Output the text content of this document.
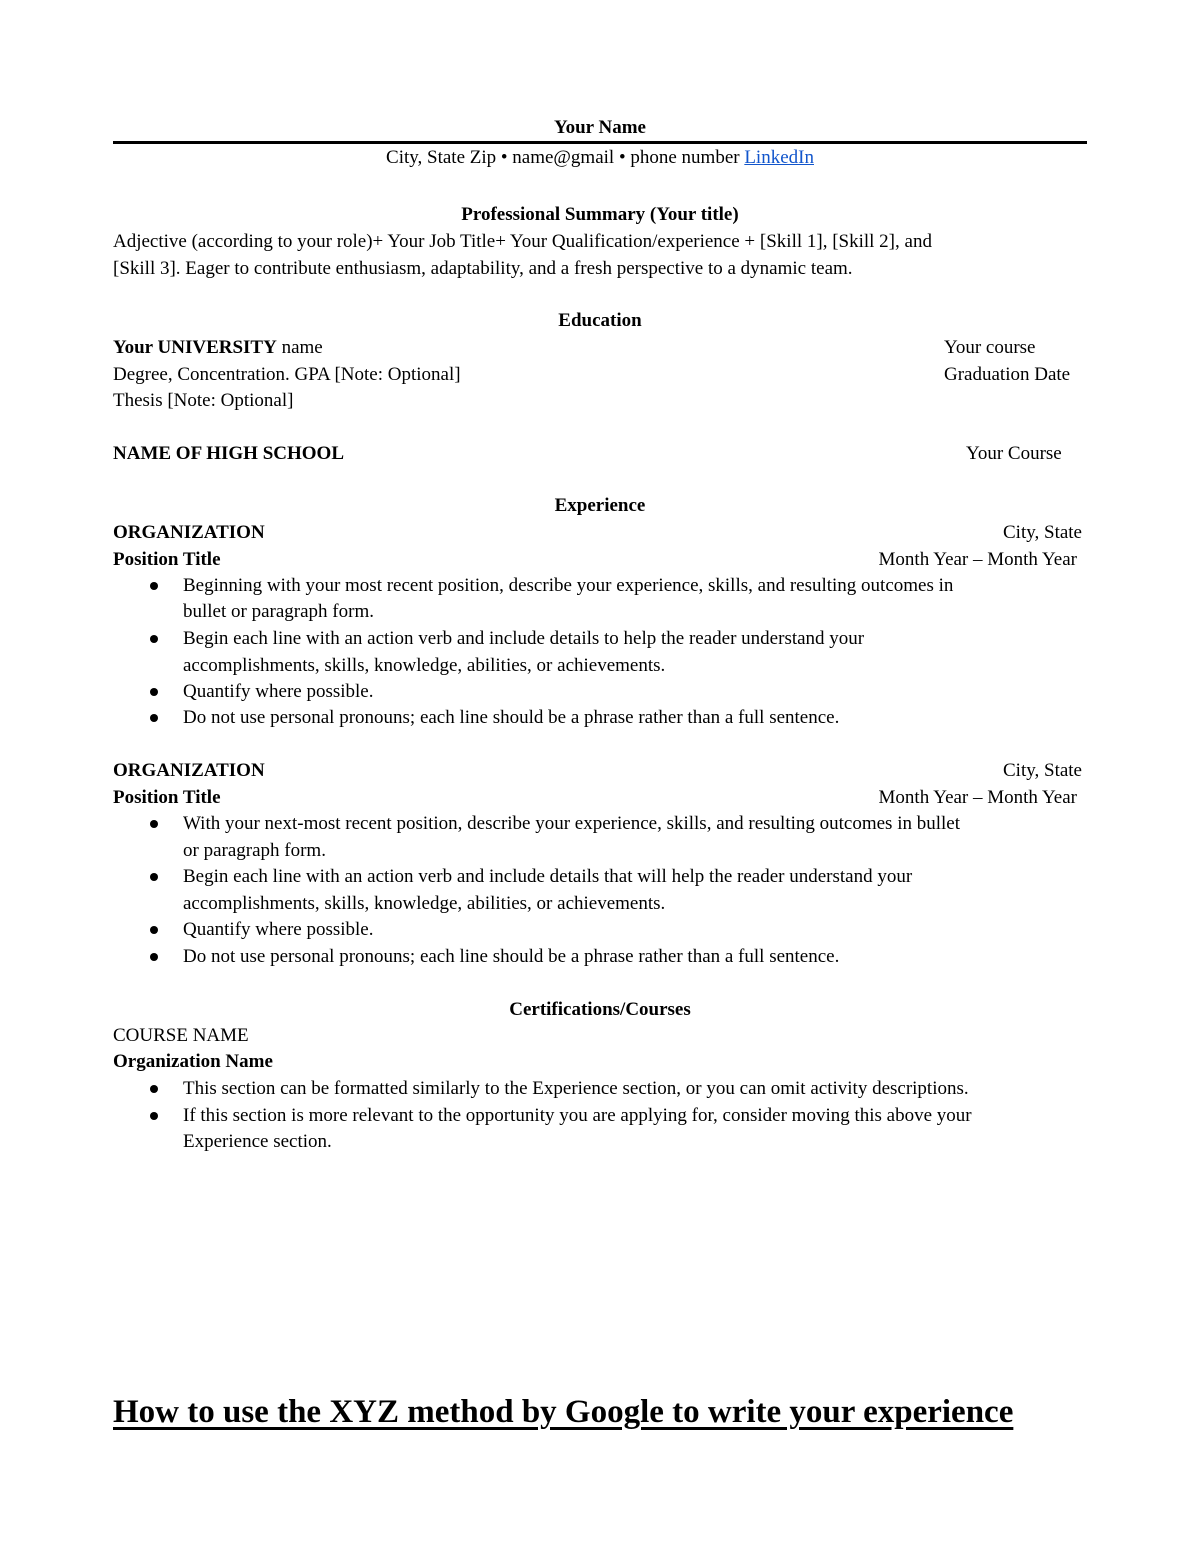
Your Name
City, State Zip • name@gmail • phone number LinkedIn
Professional Summary (Your title)
Adjective (according to your role)+ Your Job Title+ Your Qualification/experience + [Skill 1], [Skill 2], and
[Skill 3]. Eager to contribute enthusiasm, adaptability, and a fresh perspective to a dynamic team.
Education
Your UNIVERSITY name	Your course
Degree, Concentration. GPA [Note: Optional]	Graduation Date
Thesis [Note: Optional]
NAME OF HIGH SCHOOL	Your Course
Experience
ORGANIZATION	City, State
Position Title	Month Year – Month Year
Beginning with your most recent position, describe your experience, skills, and resulting outcomes in
bullet or paragraph form.
Begin each line with an action verb and include details to help the reader understand your
accomplishments, skills, knowledge, abilities, or achievements.
Quantify where possible.
Do not use personal pronouns; each line should be a phrase rather than a full sentence.
ORGANIZATION	City, State
Position Title	Month Year – Month Year
With your next-most recent position, describe your experience, skills, and resulting outcomes in bullet
or paragraph form.
Begin each line with an action verb and include details that will help the reader understand your
accomplishments, skills, knowledge, abilities, or achievements.
Quantify where possible.
Do not use personal pronouns; each line should be a phrase rather than a full sentence.
Certifications/Courses
COURSE NAME
Organization Name
This section can be formatted similarly to the Experience section, or you can omit activity descriptions.
If this section is more relevant to the opportunity you are applying for, consider moving this above your
Experience section.
How to use the XYZ method by Google to write your experience
